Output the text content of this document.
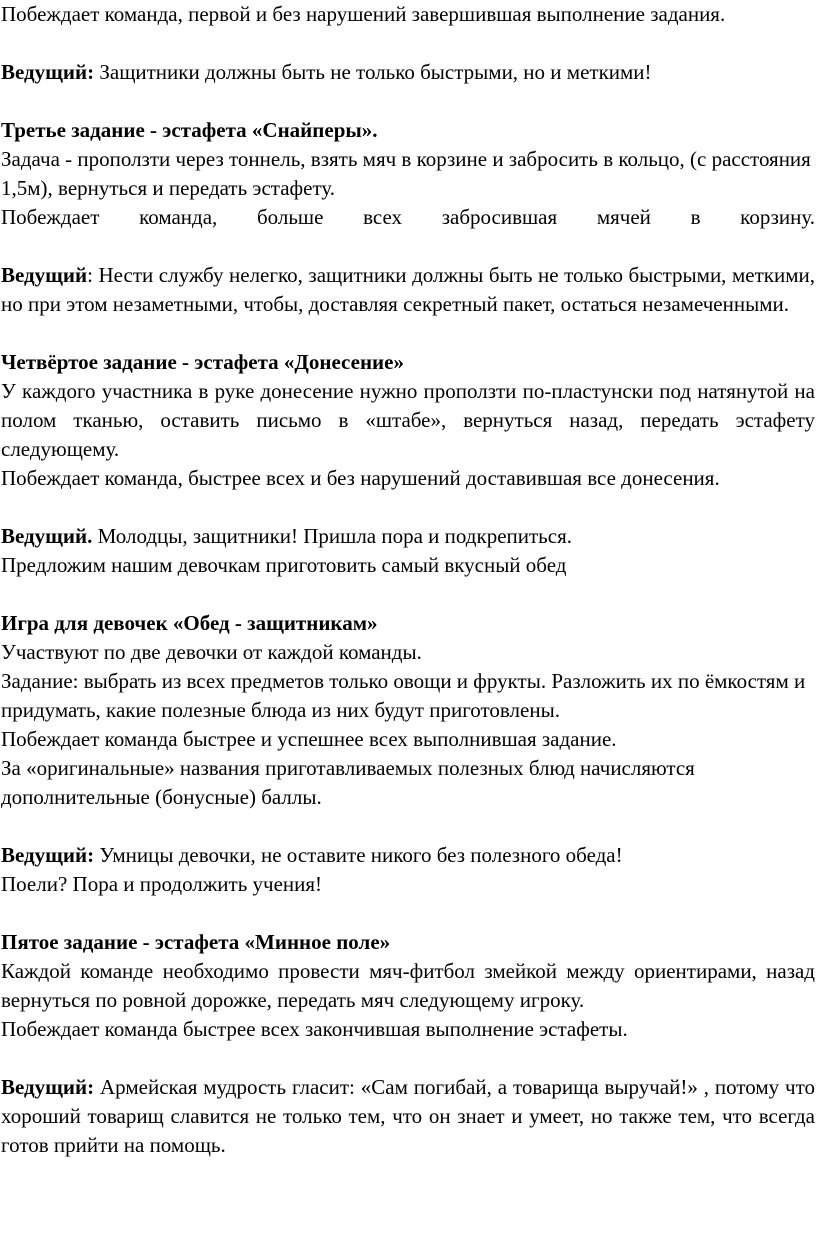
Побеждает команда, первой и без нарушений завершившая выполнение задания.

Ведущий: Защитники должны быть не только быстрыми, но и меткими!

Третье задание - эстафета «Снайперы».

Задача - проползти через тоннель, взять мяч в корзине и забросить в кольцо, (с расстояния 1,5м), вернуться и передать эстафету.

Побеждает команда, больше всех забросившая мячей в корзину.

Ведущий: Нести службу нелегко, защитники должны быть не только быстрыми, меткими, но при этом незаметными, чтобы, доставляя секретный пакет, остаться незамеченными.

Четвёртое задание - эстафета «Донесение»

У каждого участника в руке донесение нужно проползти по-пластунски под натянутой на полом тканью, оставить письмо в «штабе», вернуться назад, передать эстафету следующему.

Побеждает команда, быстрее всех и без нарушений доставившая все донесения.

Ведущий. Молодцы, защитники! Пришла пора и подкрепиться.

Предложим нашим девочкам приготовить самый вкусный обед

Игра для девочек «Обед - защитникам»

Участвуют по две девочки от каждой команды.

Задание: выбрать из всех предметов только овощи и фрукты. Разложить их по ёмкостям и придумать, какие полезные блюда из них будут приготовлены.

Побеждает команда быстрее и успешнее всех выполнившая задание.

За «оригинальные» названия приготавливаемых полезных блюд начисляются дополнительные (бонусные) баллы.

Ведущий: Умницы девочки, не оставите никого без полезного обеда!

Поели? Пора и продолжить учения!

Пятое задание - эстафета «Минное поле»

Каждой команде необходимо провести мяч-фитбол змейкой между ориентирами, назад вернуться по ровной дорожке, передать мяч следующему игроку.

Побеждает команда быстрее всех закончившая выполнение эстафеты.

Ведущий: Армейская мудрость гласит: «Сам погибай, а товарища выручай!» , потому что хороший товарищ славится не только тем, что он знает и умеет, но также тем, что всегда готов прийти на помощь.
